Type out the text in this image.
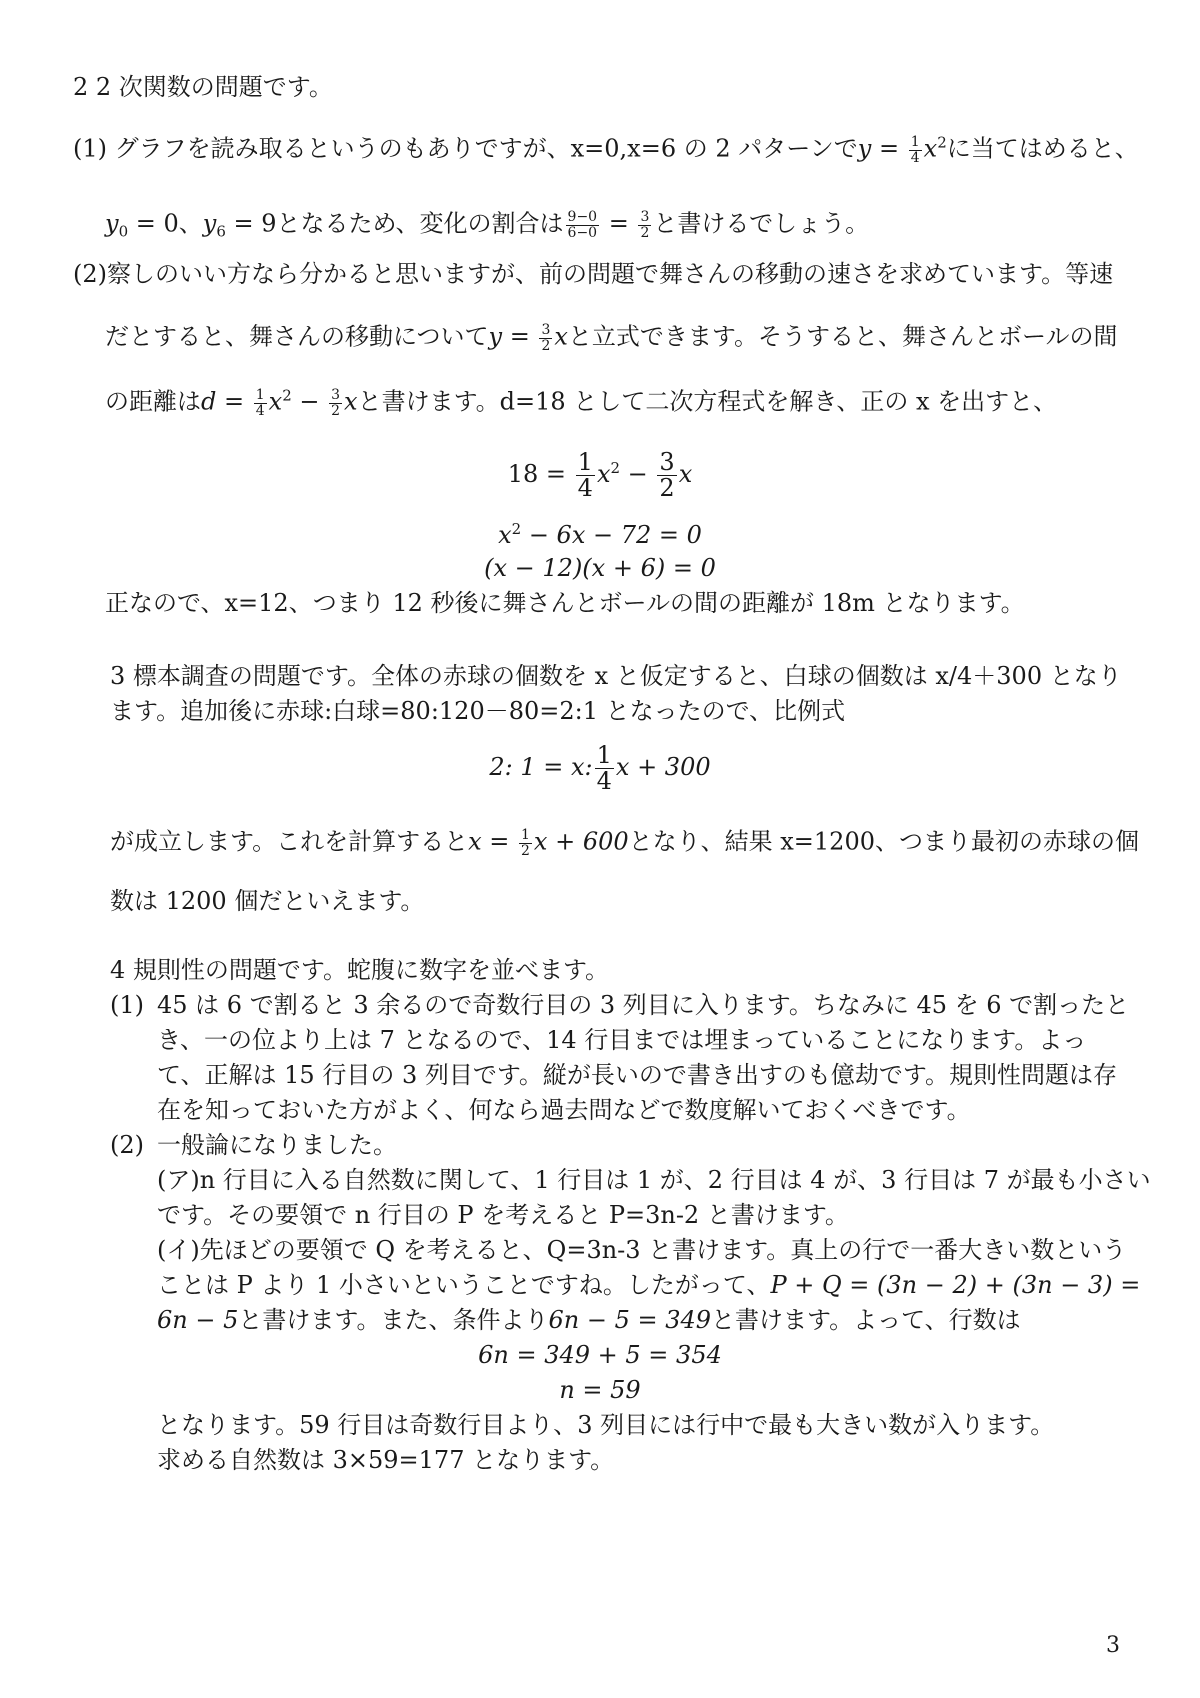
2 2 次関数の問題です。
(1) グラフを読み取るというのもありですが、x=0,x=6 の 2 パターンで$y = \frac{1}{4} x^2$に当てはめると、
$y_0 = 0$、$y_6 = 9$となるため、変化の割合は $\frac{9-0}{6-0} = \frac{3}{2}$ と書けるでしょう。
(2)察しのいい方なら分かると思いますが、前の問題で舞さんの移動の速さを求めています。等速
だとすると、舞さんの移動について$y = \frac{3}{2}$ xと立式できます。そうすると、舞さんとボールの間
の距離は$d = \frac{1}{4} x^2 - \frac{3}{2}$ xと書けます。d=18 として二次方程式を解き、正の x を出すと、
$18 = \frac{1}{4} x^2 - \frac{3}{2}$ x
$x^2 - 6x - 72 = 0$
(x − 12)(x + 6) = 0
正なので、x=12、つまり 12 秒後に舞さんとボールの間の距離が 18m となります。
3 標本調査の問題です。全体の赤球の個数を x と仮定すると、白球の個数は x/4＋300 となり
ます。追加後に赤球:白球=80:120－80=2:1 となったので、比例式
2: 1 = x: $\frac{1}{4}$ x + 300
が成立します。これを計算すると$x = \frac{1}{2}$ x + 600となり、結果 x=1200、つまり最初の赤球の個
数は 1200 個だといえます。
4 規則性の問題です。蛇腹に数字を並べます。
(1) 45 は 6 で割ると 3 余るので奇数行目の 3 列目に入ります。ちなみに 45 を 6 で割ったと
き、一の位より上は 7 となるので、14 行目までは埋まっていることになります。よっ
て、正解は 15 行目の 3 列目です。縦が長いので書き出すのも億劫です。規則性問題は存
在を知っておいた方がよく、何なら過去問などで数度解いておくべきです。
(2) 一般論になりました。
(ア)n 行目に入る自然数に関して、1 行目は 1 が、2 行目は 4 が、3 行目は 7 が最も小さい
です。その要領で n 行目の P を考えると P=3n-2 と書けます。
(イ)先ほどの要領で Q を考えると、Q=3n-3 と書けます。真上の行で一番大きい数という
ことは P より 1 小さいということですね。したがって、P + Q = (3n − 2) + (3n − 3) =
6n − 5と書けます。また、条件より6n − 5 = 349と書けます。よって、行数は
6n = 349 + 5 = 354
n = 59
となります。59 行目は奇数行目より、3 列目には行中で最も大きい数が入ります。
求める自然数は 3×59=177 となります。
3
